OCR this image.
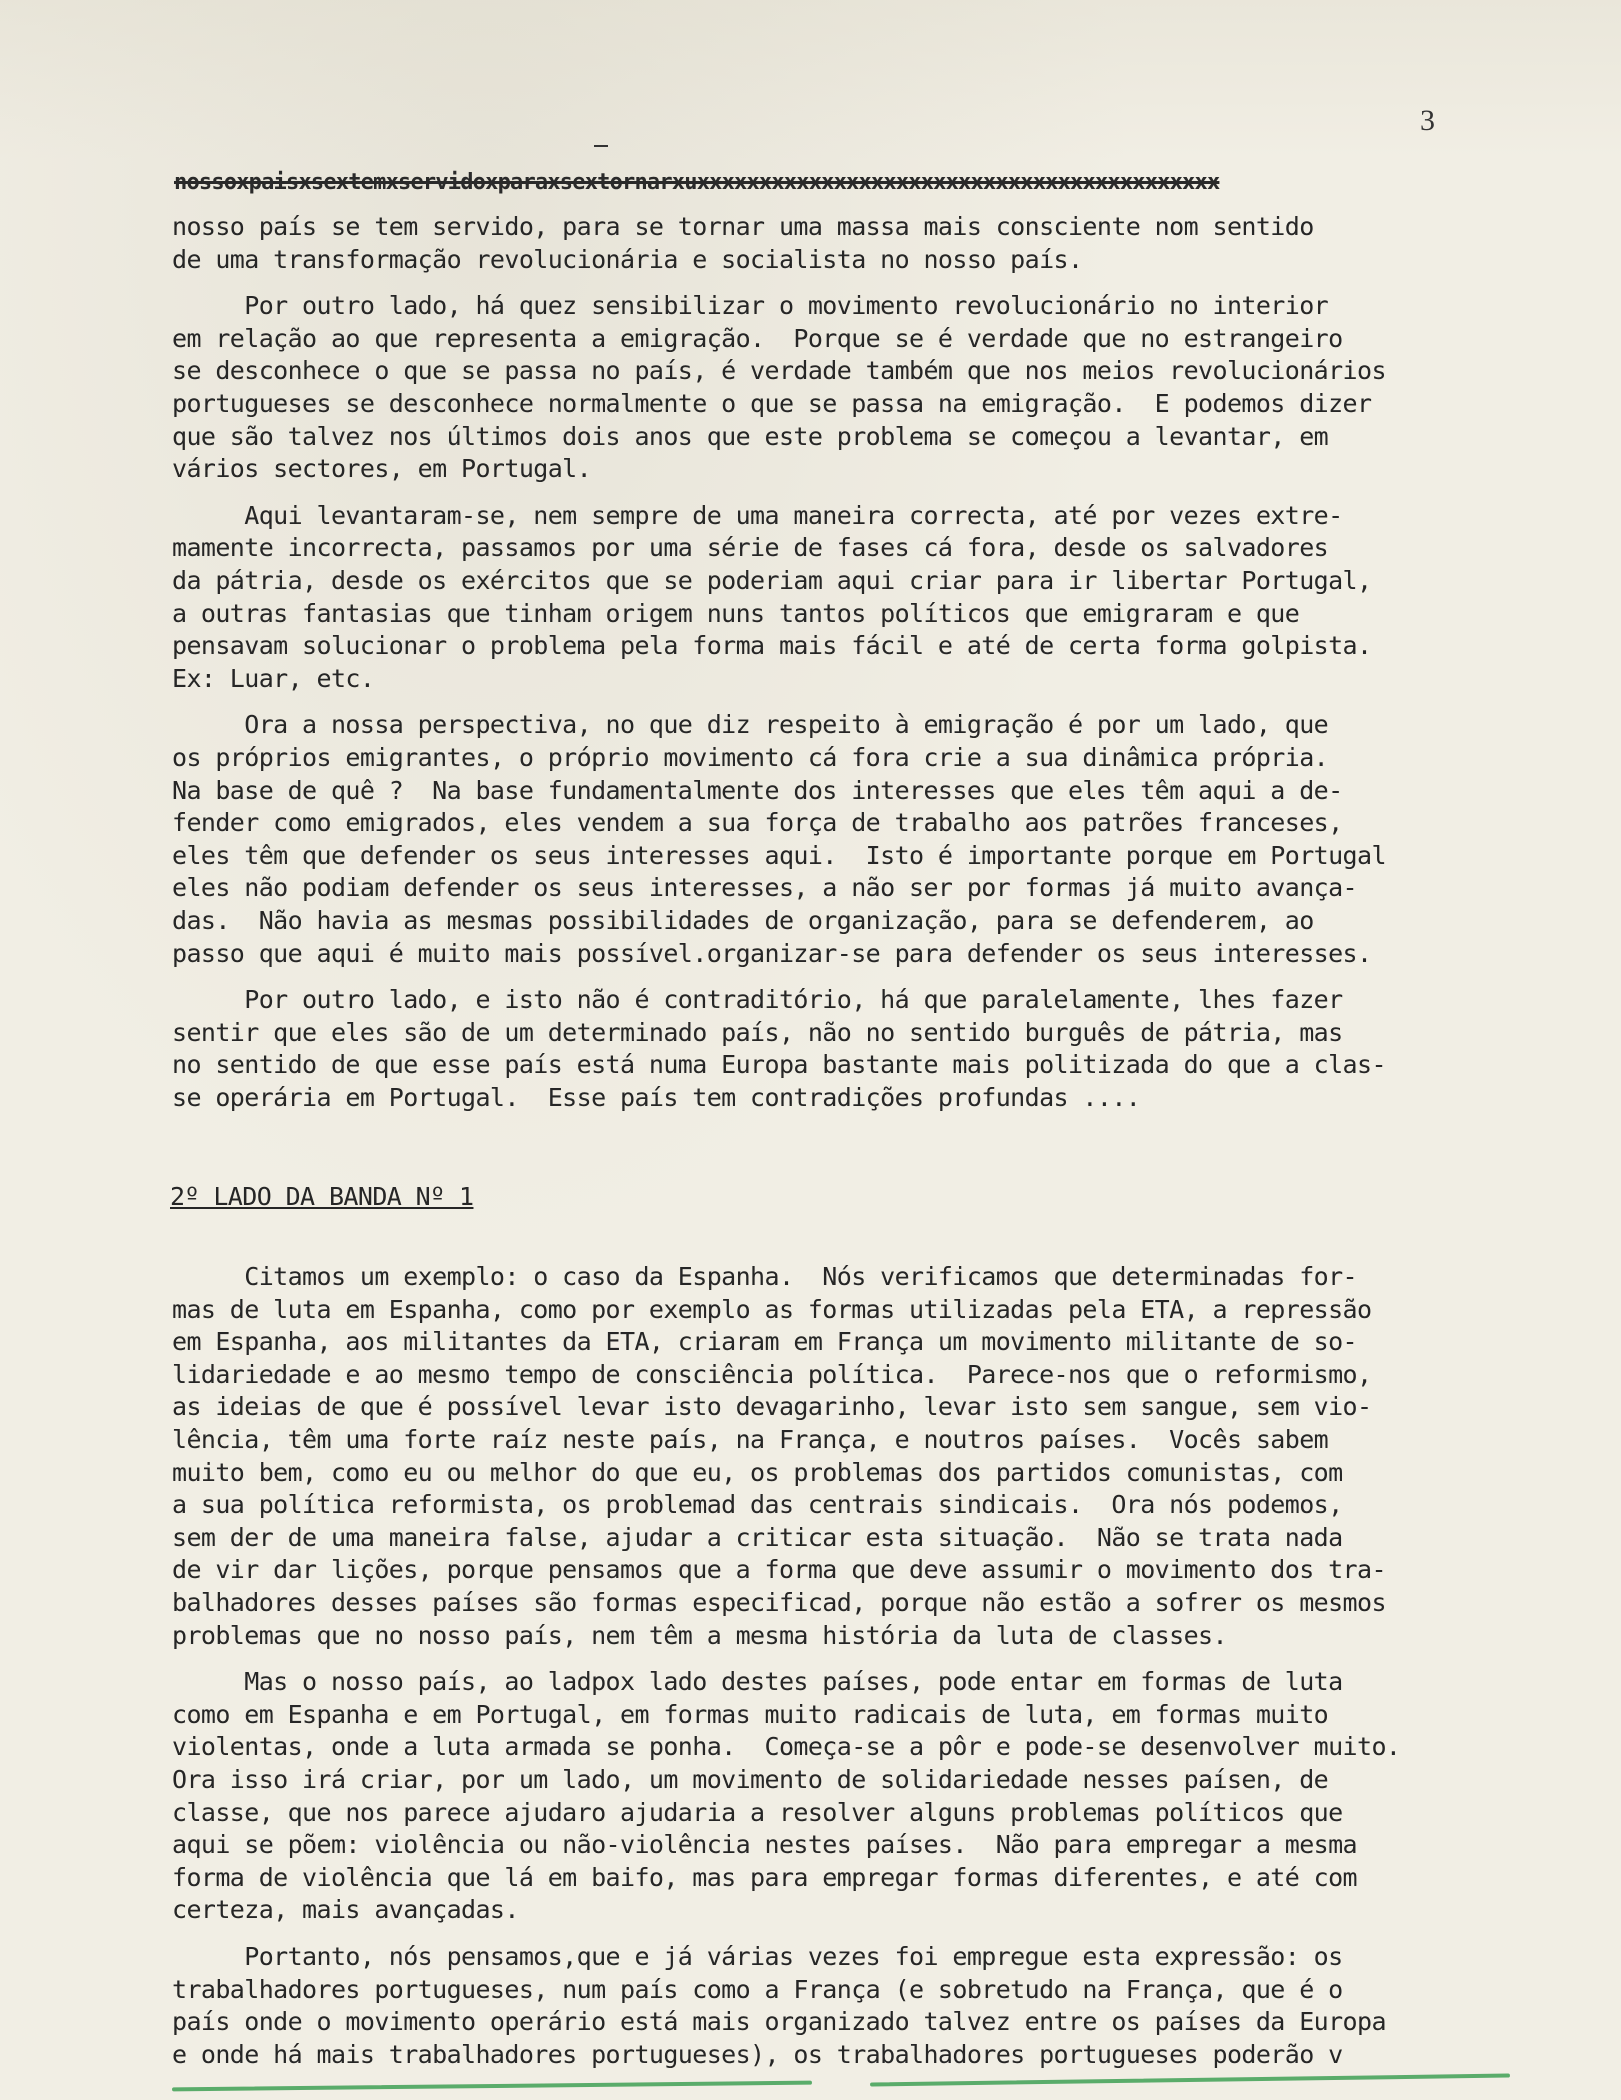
3
nossoxpaisxsextemxservidoxparaxsextornarxuxxxxxxxxxxxxxxxxxxxxxxxxxxxxxxxxxxxxxxxxxx
nosso país se tem servido, para se tornar uma massa mais consciente nom sentido
de uma transformação revolucionária e socialista no nosso país.
Por outro lado, há quez sensibilizar o movimento revolucionário no interior
em relação ao que representa a emigração.  Porque se é verdade que no estrangeiro
se desconhece o que se passa no país, é verdade também que nos meios revolucionários
portugueses se desconhece normalmente o que se passa na emigração.  E podemos dizer
que são talvez nos últimos dois anos que este problema se começou a levantar, em
vários sectores, em Portugal.
Aqui levantaram-se, nem sempre de uma maneira correcta, até por vezes extre-
mamente incorrecta, passamos por uma série de fases cá fora, desde os salvadores
da pátria, desde os exércitos que se poderiam aqui criar para ir libertar Portugal,
a outras fantasias que tinham origem nuns tantos políticos que emigraram e que
pensavam solucionar o problema pela forma mais fácil e até de certa forma golpista.
Ex: Luar, etc.
Ora a nossa perspectiva, no que diz respeito à emigração é por um lado, que
os próprios emigrantes, o próprio movimento cá fora crie a sua dinâmica própria.
Na base de quê ?  Na base fundamentalmente dos interesses que eles têm aqui a de-
fender como emigrados, eles vendem a sua força de trabalho aos patrões franceses,
eles têm que defender os seus interesses aqui.  Isto é importante porque em Portugal
eles não podiam defender os seus interesses, a não ser por formas já muito avança-
das.  Não havia as mesmas possibilidades de organização, para se defenderem, ao
passo que aqui é muito mais possível.organizar-se para defender os seus interesses.
Por outro lado, e isto não é contraditório, há que paralelamente, lhes fazer
sentir que eles são de um determinado país, não no sentido burguês de pátria, mas
no sentido de que esse país está numa Europa bastante mais politizada do que a clas-
se operária em Portugal.  Esse país tem contradições profundas ....
2º LADO DA BANDA Nº 1
Citamos um exemplo: o caso da Espanha.  Nós verificamos que determinadas for-
mas de luta em Espanha, como por exemplo as formas utilizadas pela ETA, a repressão
em Espanha, aos militantes da ETA, criaram em França um movimento militante de so-
lidariedade e ao mesmo tempo de consciência política.  Parece-nos que o reformismo,
as ideias de que é possível levar isto devagarinho, levar isto sem sangue, sem vio-
lência, têm uma forte raíz neste país, na França, e noutros países.  Vocês sabem
muito bem, como eu ou melhor do que eu, os problemas dos partidos comunistas, com
a sua política reformista, os problemad das centrais sindicais.  Ora nós podemos,
sem der de uma maneira false, ajudar a criticar esta situação.  Não se trata nada
de vir dar lições, porque pensamos que a forma que deve assumir o movimento dos tra-
balhadores desses países são formas especificad, porque não estão a sofrer os mesmos
problemas que no nosso país, nem têm a mesma história da luta de classes.
Mas o nosso país, ao ladpox lado destes países, pode entar em formas de luta
como em Espanha e em Portugal, em formas muito radicais de luta, em formas muito
violentas, onde a luta armada se ponha.  Começa-se a pôr e pode-se desenvolver muito.
Ora isso irá criar, por um lado, um movimento de solidariedade nesses paísen, de
classe, que nos parece ajudaro ajudaria a resolver alguns problemas políticos que
aqui se põem: violência ou não-violência nestes países.  Não para empregar a mesma
forma de violência que lá em baifo, mas para empregar formas diferentes, e até com
certeza, mais avançadas.
Portanto, nós pensamos,que e já várias vezes foi empregue esta expressão: os
trabalhadores portugueses, num país como a França (e sobretudo na França, que é o
país onde o movimento operário está mais organizado talvez entre os países da Europa
e onde há mais trabalhadores portugueses), os trabalhadores portugueses poderão v
